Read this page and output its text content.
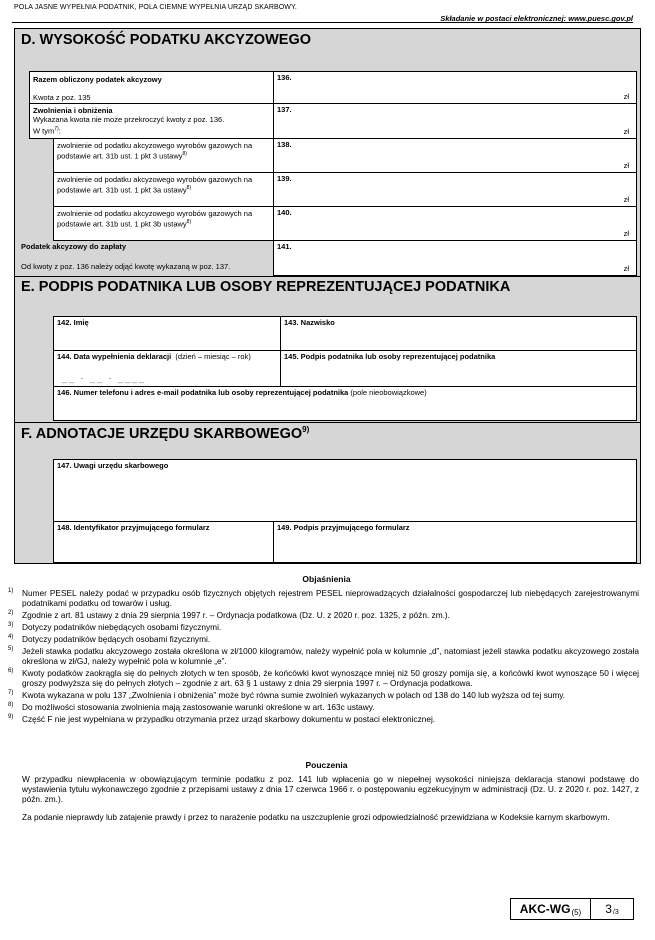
POLA JASNE WYPEŁNIA PODATNIK, POLA CIEMNE WYPEŁNIA URZĄD SKARBOWY.
Składanie w postaci elektronicznej: www.puesc.gov.pl
D. WYSOKOŚĆ PODATKU AKCYZOWEGO
Razem obliczony podatek akcyzowy
Kwota z poz. 135
136.
zł
Zwolnienia i obniżenia
Wykazana kwota nie może przekroczyć kwoty z poz. 136.
W tym$^{7)}$:
137.
zł
zwolnienie od podatku akcyzowego wyrobów gazowych na podstawie art. 31b ust. 1 pkt 3 ustawy$^{8)}$
138.
zł
zwolnienie od podatku akcyzowego wyrobów gazowych na podstawie art. 31b ust. 1 pkt 3a ustawy$^{8)}$
139.
zł
zwolnienie od podatku akcyzowego wyrobów gazowych na podstawie art. 31b ust. 1 pkt 3b ustawy$^{8)}$
140.
zł
Podatek akcyzowy do zapłaty
Od kwoty z poz. 136 należy odjąć kwotę wykazaną w poz. 137.
141.
zł
E. PODPIS PODATNIKA LUB OSOBY REPREZENTUJĄCEJ PODATNIKA
142. Imię	143. Nazwisko
144. Data wypełnienia deklaracji (dzień – miesiąc – rok)
__ - __ - ____
145. Podpis podatnika lub osoby reprezentującej podatnika
146. Numer telefonu i adres e-mail podatnika lub osoby reprezentującej podatnika (pole nieobowiązkowe)
F. ADNOTACJE URZĘDU SKARBOWEGO$^{9)}$
147. Uwagi urzędu skarbowego
148. Identyfikator przyjmującego formularz	149. Podpis przyjmującego formularz
Objaśnienia
1) Numer PESEL należy podać w przypadku osób fizycznych objętych rejestrem PESEL nieprowadzących działalności gospodarczej lub niebędących zarejestrowanymi podatnikami podatku od towarów i usług.
2) Zgodnie z art. 81 ustawy z dnia 29 sierpnia 1997 r. – Ordynacja podatkowa (Dz. U. z 2020 r. poz. 1325, z późn. zm.).
3) Dotyczy podatników niebędących osobami fizycznymi.
4) Dotyczy podatników będących osobami fizycznymi.
5) Jeżeli stawka podatku akcyzowego została określona w zł/1000 kilogramów, należy wypełnić pola w kolumnie „d”, natomiast jeżeli stawka podatku akcyzowego została określona w zł/GJ, należy wypełnić pola w kolumnie „e”.
6) Kwoty podatków zaokrągla się do pełnych złotych w ten sposób, że końcówki kwot wynoszące mniej niż 50 groszy pomija się, a końcówki kwot wynoszące 50 i więcej groszy podwyższa się do pełnych złotych – zgodnie z art. 63 § 1 ustawy z dnia 29 sierpnia 1997 r. – Ordynacja podatkowa.
7) Kwota wykazana w polu 137 „Zwolnienia i obniżenia” może być równa sumie zwolnień wykazanych w polach od 138 do 140 lub wyższa od tej sumy.
8) Do możliwości stosowania zwolnienia mają zastosowanie warunki określone w art. 163c ustawy.
9) Część F nie jest wypełniana w przypadku otrzymania przez urząd skarbowy dokumentu w postaci elektronicznej.
Pouczenia

W przypadku niewpłacenia w obowiązującym terminie podatku z poz. 141 lub wpłacenia go w niepełnej wysokości niniejsza deklaracja stanowi podstawę do wystawienia tytułu wykonawczego zgodnie z przepisami ustawy z dnia 17 czerwca 1966 r. o postępowaniu egzekucyjnym w administracji (Dz. U. z 2020 r. poz. 1427, z późn. zm.).

Za podanie nieprawdy lub zatajenie prawdy i przez to narażenie podatku na uszczuplenie grozi odpowiedzialność przewidziana w Kodeksie karnym skarbowym.

AKC-WG (5) 3 /3
